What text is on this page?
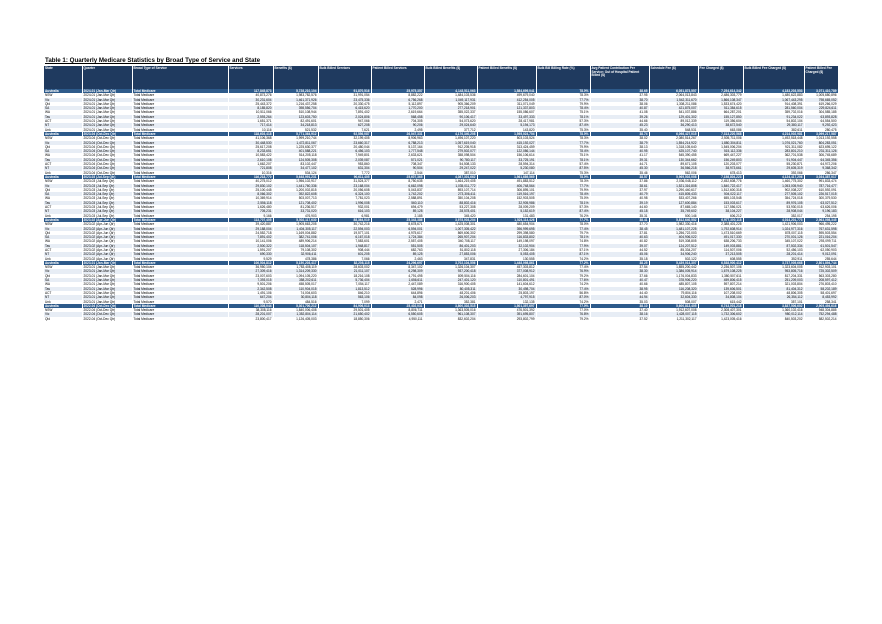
Table 1: Quarterly Medicare Statistics by Broad Type of Service and State
State	Quarter	Broad Type of Service	Services	Benefits ($)	Bulk Billed Services	Patient Billed Services	Bulk Billed Benefits ($)	Patient Billed Benefits ($)	Bulk Bill Billing Rate (%)	Avg Patient Contribution Per Service: Out of Hospital Patient Billed ($)	Schedule Fee ($)	Fee Charged ($)	Bulk Billed Fee Charged ($)	Patient Billed Fee Charged ($)
Australia	2024-01 (Jan-Mar Qtr)	Total Medicare	117,845,873	5,728,210,104	91,870,516	25,975,357	4,143,511,063	1,584,699,041	78.0%	38.65	6,051,873,557	7,254,614,342	4,183,203,553	3,071,410,789
NSW	2024-01 (Jan-Mar Qtr)	Total Medicare	40,873,276	1,983,782,576	31,991,054	8,882,222	1,484,103,536	499,679,040	78.3%	37.95	2,064,013,843	2,486,303,779	1,480,622,883	1,005,680,896
Vic	2024-01 (Jan-Mar Qtr)	Total Medicare	30,231,604	1,461,371,926	23,475,336	6,756,268	1,049,117,931	412,254,005	77.7%	38.70	1,542,311,670	1,866,108,347	1,067,443,295	798,665,052
Qld	2024-01 (Jan-Mar Qtr)	Total Medicare	25,443,372	1,216,437,258	20,330,475	5,112,897	905,366,209	311,071,049	79.9%	38.06	1,308,211,086	1,533,674,420	914,408,391	619,266,029
SA	2024-01 (Jan-Mar Qtr)	Total Medicare	8,185,820	398,556,704	6,415,620	1,770,200	277,218,901	121,337,803	78.4%	40.87	421,875,007	511,384,615	281,560,004	229,824,611
WA	2024-01 (Jan-Mar Qtr)	Total Medicare	10,511,066	510,108,944	7,891,402	2,619,664	355,022,337	155,086,607	75.1%	41.08	541,037,886	664,287,201	359,702,016	304,585,185
Tas	2024-01 (Jan-Mar Qtr)	Total Medicare	2,593,264	123,603,750	2,024,806	568,458	90,106,417	33,497,333	78.1%	39.26	129,401,302	155,127,850	91,234,022	63,893,828
ACT	2024-01 (Jan-Mar Qtr)	Total Medicare	1,651,371	82,491,601	947,066	704,305	54,073,620	28,417,981	57.3%	44.66	89,012,339	119,356,604	54,802,104	64,554,500
NT	2024-01 (Jan-Mar Qtr)	Total Medicare	717,414	34,218,813	627,208	90,206	29,024,640	5,194,173	87.4%	45.23	36,290,413	38,672,540	29,380,117	9,292,423
Unk	2024-01 (Jan-Mar Qtr)	Total Medicare	10,116	521,532	7,621	2,495	377,712	143,820	75.3%	35.40	548,531	663,086	382,611	280,475
Australia	2023-04 (Oct-Dec Qtr)	Total Medicare	118,603,418	5,771,364,912	92,556,087	26,047,331	4,176,340,208	1,595,024,704	78.0%	38.74	6,098,427,015	7,313,220,568	4,214,002,981	3,099,217,587
NSW	2023-04 (Oct-Dec Qtr)	Total Medicare	41,106,368	1,999,210,744	32,199,405	8,906,963	1,496,107,220	503,103,524	78.3%	38.02	2,080,514,267	2,505,711,006	1,492,518,448	1,013,192,558
Vic	2023-04 (Oct-Dec Qtr)	Total Medicare	30,448,530	1,472,811,067	23,660,317	6,788,213	1,057,619,040	415,192,027	77.7%	38.79	1,554,214,922	1,880,304,811	1,076,021,760	804,283,051
Qld	2023-04 (Oct-Dec Qtr)	Total Medicare	25,617,208	1,225,630,377	20,480,044	5,137,164	912,205,918	313,424,459	79.9%	38.13	1,318,105,640	1,545,006,204	921,311,082	623,695,122
SA	2023-04 (Oct-Dec Qtr)	Total Medicare	8,233,651	401,588,221	6,456,103	1,777,548	279,502,077	122,086,144	78.4%	40.95	425,107,740	515,112,336	283,801,210	231,311,126
WA	2023-04 (Oct-Dec Qtr)	Total Medicare	10,583,422	514,205,118	7,949,801	2,633,621	358,098,504	156,106,614	75.1%	41.17	545,390,455	669,447,227	362,701,538	306,745,689
Tas	2023-04 (Oct-Dec Qtr)	Total Medicare	2,610,108	124,505,308	2,039,087	571,021	90,780,117	33,725,191	78.1%	39.31	130,344,662	156,249,803	91,904,447	64,345,356
ACT	2023-04 (Oct-Dec Qtr)	Total Medicare	1,662,207	83,102,447	953,860	708,347	54,508,133	28,594,314	57.4%	44.71	89,671,105	120,203,077	55,230,871	64,972,206
NT	2023-04 (Oct-Dec Qtr)	Total Medicare	721,808	34,477,102	631,304	90,504	29,247,022	5,230,080	87.5%	45.30	36,566,218	38,973,661	29,605,319	9,368,342
Unk	2023-04 (Oct-Dec Qtr)	Total Medicare	10,316	534,124	7,772	2,544	387,010	147,114	75.3%	35.46	562,006	678,413	392,066	286,347
Australia	2023-03 (Jul-Sep Qtr)	Total Medicare	116,218,770	5,648,991,231	90,611,405	25,607,365	4,087,301,662	1,561,689,569	78.0%	38.57	5,969,502,008	7,158,804,223	4,124,417,206	3,034,387,017
NSW	2023-03 (Jul-Sep Qtr)	Total Medicare	40,275,012	1,956,102,917	31,524,377	8,750,635	1,464,219,405	491,883,512	78.3%	37.86	2,036,048,112	2,452,608,776	1,460,775,302	991,833,474
Vic	2023-03 (Jul-Sep Qtr)	Total Medicare	29,830,102	1,441,760,336	23,168,004	6,662,098	1,035,011,772	406,748,564	77.7%	38.61	1,521,316,808	1,840,722,417	1,053,005,940	787,716,477
Qld	2023-03 (Jul-Sep Qtr)	Total Medicare	25,100,445	1,200,002,815	20,056,608	5,043,837	893,107,714	306,895,101	79.9%	37.97	1,290,440,617	1,512,600,318	902,008,227	610,592,091
SA	2023-03 (Jul-Sep Qtr)	Total Medicare	8,066,302	392,822,608	6,324,100	1,742,202	273,306,411	119,516,197	78.4%	40.79	415,805,433	504,022,117	277,505,102	226,517,015
WA	2023-03 (Jul-Sep Qtr)	Total Medicare	10,369,914	503,007,713	7,781,023	2,588,891	350,104,208	152,903,505	75.0%	40.98	533,407,266	655,103,548	354,724,018	300,379,530
Tas	2023-03 (Jul-Sep Qtr)	Total Medicare	2,556,118	121,708,402	1,996,008	560,110	88,802,416	32,905,986	78.1%	39.19	127,600,884	153,003,617	89,976,105	63,027,512
ACT	2023-03 (Jul-Sep Qtr)	Total Medicare	1,626,480	81,236,517	932,001	694,479	53,227,308	28,009,209	57.3%	44.60	87,665,140	117,556,021	53,930,015	63,626,006
NT	2023-03 (Jul-Sep Qtr)	Total Medicare	705,231	33,731,020	616,103	89,128	28,578,401	5,152,619	87.4%	45.18	35,749,602	38,104,227	28,908,044	9,196,183
Unk	2023-03 (Jul-Sep Qtr)	Total Medicare	9,166	476,903	6,981	2,185	345,420	131,483	76.2%	35.31	500,146	606,212	352,017	254,195
Australia	2023-02 (Apr-Jun Qtr)	Total Medicare	113,707,405	5,502,117,630	88,364,019	25,343,386	3,978,003,204	1,524,114,426	77.7%	38.41	5,812,640,552	6,977,300,118	4,014,201,773	2,963,098,345
NSW	2023-02 (Apr-Jun Qtr)	Total Medicare	39,420,887	1,905,663,205	30,742,216	8,678,671	1,425,008,301	480,654,904	78.0%	37.70	1,982,330,416	2,388,401,225	1,421,906,003	966,495,222
Vic	2023-02 (Apr-Jun Qtr)	Total Medicare	29,188,004	1,404,305,117	22,594,003	6,594,001	1,007,305,422	396,999,695	77.4%	38.45	1,481,107,225	1,792,608,914	1,024,977,316	767,631,598
Qld	2023-02 (Apr-Jun Qtr)	Total Medicare	24,552,718	1,169,004,882	19,577,101	4,975,617	869,606,302	299,398,580	79.7%	37.81	1,256,722,003	1,473,510,669	878,007,115	595,503,554
SA	2023-02 (Apr-Jun Qtr)	Total Medicare	7,891,402	382,741,006	6,167,018	1,724,384	265,907,204	116,833,802	78.1%	40.63	404,906,022	491,017,330	270,001,126	221,016,204
WA	2023-02 (Apr-Jun Qtr)	Total Medicare	10,141,006	489,906,214	7,583,601	2,557,405	340,708,117	149,198,097	74.8%	40.82	519,308,805	638,206,733	345,107,022	293,099,711
Tas	2023-02 (Apr-Jun Qtr)	Total Medicare	2,500,322	118,504,107	1,948,817	551,505	86,401,203	32,102,904	77.9%	39.07	124,207,512	149,003,881	87,502,334	61,501,547
ACT	2023-02 (Apr-Jun Qtr)	Total Medicare	1,591,207	79,108,302	908,444	682,763	51,802,118	27,306,184	57.1%	44.52	85,334,207	114,507,006	52,456,103	62,050,903
NT	2023-02 (Apr-Jun Qtr)	Total Medicare	690,330	32,906,411	601,205	89,125	27,853,006	5,053,405	87.1%	45.06	34,906,240	37,213,505	28,201,414	9,012,091
Unk	2023-02 (Apr-Jun Qtr)	Total Medicare	9,529	478,386	7,066	2,463	347,831	130,555	74.2%	35.18	502,122	608,555	352,911	255,644
Australia	2023-01 (Jan-Mar Qtr)	Total Medicare	106,504,812	5,150,203,417	82,208,115	24,296,697	3,702,104,556	1,448,098,861	77.2%	38.25	5,439,014,307	6,538,900,412	3,737,005,668	2,801,894,744
NSW	2023-01 (Jan-Mar Qtr)	Total Medicare	36,950,104	1,783,408,119	28,603,002	8,347,102	1,326,104,307	457,303,812	77.4%	37.54	1,855,200,442	2,236,507,106	1,323,604,005	912,903,101
Vic	2023-01 (Jan-Mar Qtr)	Total Medicare	27,309,416	1,314,209,330	21,011,107	6,298,309	937,200,418	377,008,912	76.9%	38.30	1,386,005,914	1,679,108,225	953,805,716	725,302,509
Qld	2023-01 (Jan-Mar Qtr)	Total Medicare	23,007,603	1,094,105,220	18,216,108	4,791,495	809,504,116	284,601,104	79.2%	37.66	1,176,004,833	1,380,507,611	817,204,331	563,303,280
SA	2023-01 (Jan-Mar Qtr)	Total Medicare	7,393,015	358,202,611	5,736,404	1,656,611	247,401,120	110,801,491	77.6%	40.47	378,906,220	459,806,415	251,209,003	208,597,412
WA	2023-01 (Jan-Mar Qtr)	Total Medicare	9,501,206	458,505,017	7,054,117	2,447,089	316,900,405	141,604,612	74.2%	40.66	485,807,105	597,807,214	321,003,804	276,803,410
Tas	2023-01 (Jan-Mar Qtr)	Total Medicare	2,342,508	110,904,015	1,813,512	528,996	80,405,311	30,498,704	77.4%	38.95	116,208,320	139,606,501	81,404,312	58,202,189
ACT	2023-01 (Jan-Mar Qtr)	Total Medicare	1,491,106	74,004,603	846,210	644,896	48,201,406	25,803,197	56.8%	44.40	79,804,116	107,208,002	48,806,305	58,401,697
NT	2023-01 (Jan-Mar Qtr)	Total Medicare	647,204	30,804,118	563,106	84,098	26,006,203	4,797,915	87.0%	44.94	32,604,330	34,808,104	26,354,112	8,453,992
Unk	2023-01 (Jan-Mar Qtr)	Total Medicare	9,570	484,516	7,099	2,471	352,381	132,135	74.2%	35.03	508,007	615,442	357,101	258,341
Australia	2022-04 (Oct-Dec Qtr)	Total Medicare	110,308,044	5,301,700,212	84,906,013	25,402,031	3,800,302,515	1,501,397,697	77.0%	38.10	5,600,813,405	6,743,001,218	3,837,506,602	2,905,494,616
NSW	2022-04 (Oct-Dec Qtr)	Total Medicare	38,308,116	1,840,006,408	29,501,405	8,806,711	1,363,505,016	476,501,392	77.0%	37.40	1,912,607,008	2,308,407,301	1,360,102,416	948,304,885
Vic	2022-04 (Oct-Dec Qtr)	Total Medicare	28,201,007	1,352,804,114	21,650,402	6,550,605	961,108,307	391,695,807	76.8%	38.16	1,428,007,115	1,732,306,602	980,012,114	752,294,488
Qld	2022-04 (Oct-Dec Qtr)	Total Medicare	23,800,417	1,126,405,003	18,850,306	4,950,111	832,602,204	293,802,799	79.2%	37.52	1,211,302,117	1,423,005,416	840,503,202	582,502,214
